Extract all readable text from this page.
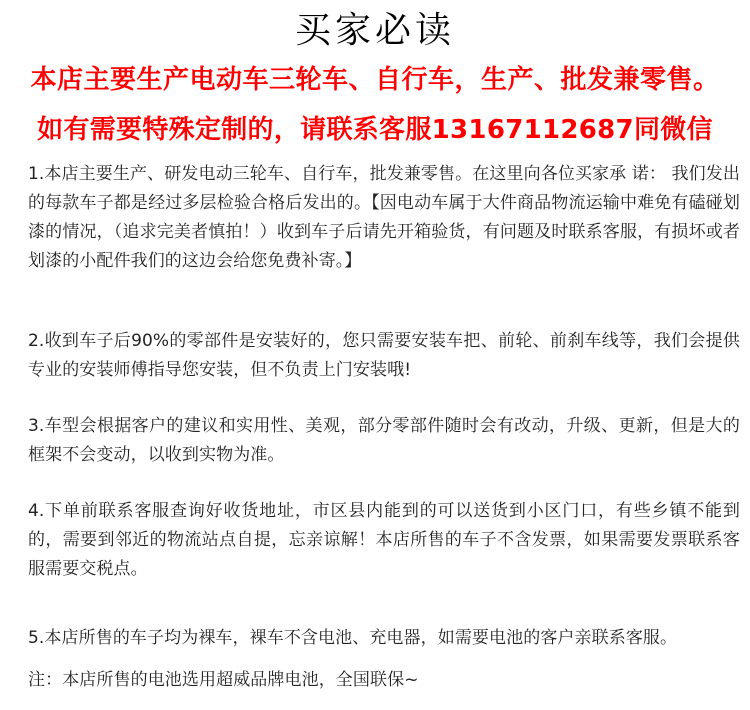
买家必读
本店主要生产电动车三轮车、自行车，生产、批发兼零售。
如有需要特殊定制的，请联系客服13167112687同微信

1.本店主要生产、研发电动三轮车、自行车，批发兼零售。在这里向各位买家承 诺： 我们发出的每款车子都是经过多层检验合格后发出的。【因电动车属于大件商品物流运输中难免有磕碰划漆的情况，（追求完美者慎拍！）收到车子后请先开箱验货，有问题及时联系客服，有损坏或者划漆的小配件我们的这边会给您免费补寄。】

2.收到车子后90%的零部件是安装好的，您只需要安装车把、前轮、前刹车线等，我们会提供专业的安装师傅指导您安装，但不负责上门安装哦!

3.车型会根据客户的建议和实用性、美观，部分零部件随时会有改动，升级、更新，但是大的框架不会变动，以收到实物为准。

4.下单前联系客服查询好收货地址，市区县内能到的可以送货到小区门口，有些乡镇不能到的，需要到邻近的物流站点自提，忘亲谅解！本店所售的车子不含发票，如果需要发票联系客服需要交税点。

5.本店所售的车子均为裸车，裸车不含电池、充电器，如需要电池的客户亲联系客服。

注：本店所售的电池选用超威品牌电池，全国联保~
